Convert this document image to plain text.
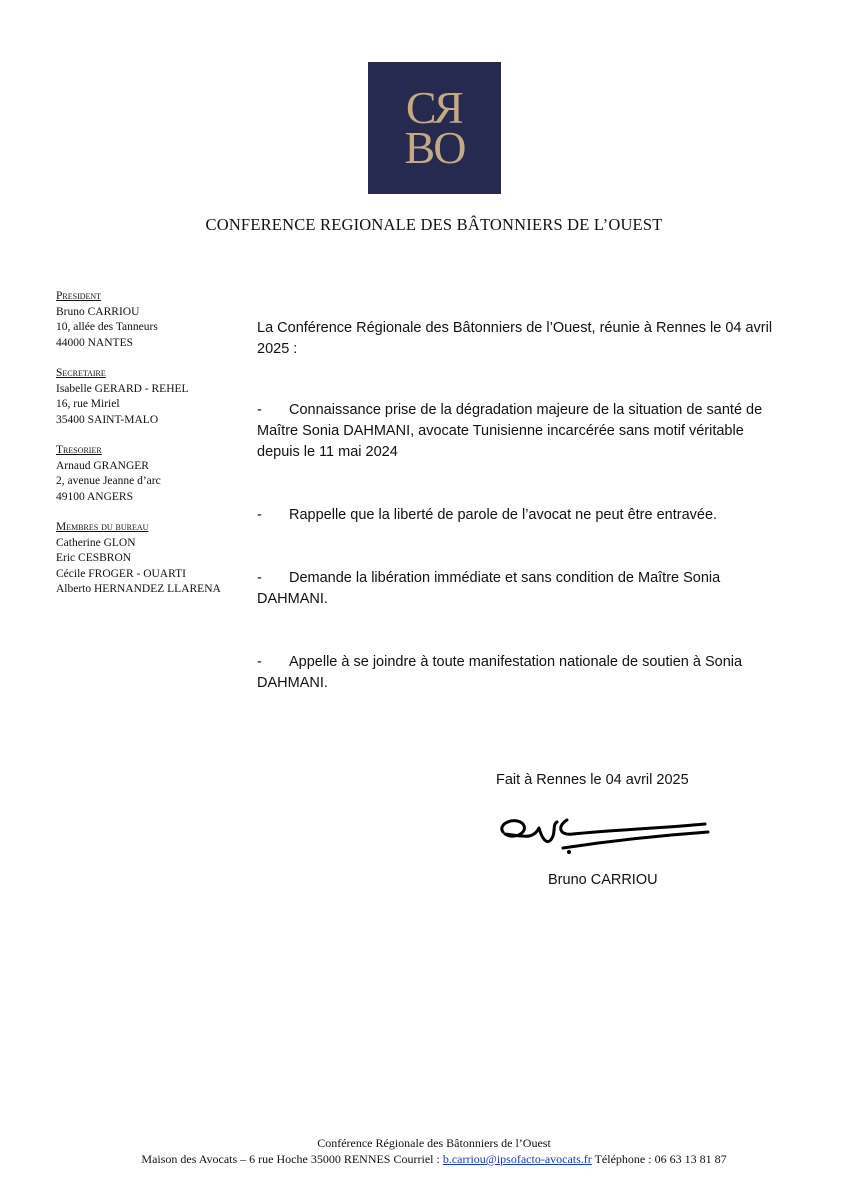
C R
BO
CONFERENCE REGIONALE DES BÂTONNIERS DE L’OUEST
President
Bruno CARRIOU
10, allée des Tanneurs
44000 NANTES
Secretaire
Isabelle GERARD - REHEL
16, rue Miriel
35400 SAINT-MALO
Tresorier
Arnaud GRANGER
2, avenue Jeanne d’arc
49100 ANGERS
Membres du bureau
Catherine GLON
Eric CESBRON
Cécile FROGER - OUARTI
Alberto HERNANDEZ LLARENA

La Conférence Régionale des Bâtonniers de l’Ouest, réunie à Rennes le 04 avril 2025 :

- Connaissance prise de la dégradation majeure de la situation de santé de Maître Sonia DAHMANI, avocate Tunisienne incarcérée sans motif véritable depuis le 11 mai 2024

- Rappelle que la liberté de parole de l’avocat ne peut être entravée.

- Demande la libération immédiate et sans condition de Maître Sonia DAHMANI.

- Appelle à se joindre à toute manifestation nationale de soutien à Sonia DAHMANI.

Fait à Rennes le 04 avril 2025
Bruno CARRIOU
Conférence Régionale des Bâtonniers de l’Ouest
Maison des Avocats – 6 rue Hoche 35000 RENNES Courriel : b.carriou@ipsofacto-avocats.fr Téléphone : 06 63 13 81 87
